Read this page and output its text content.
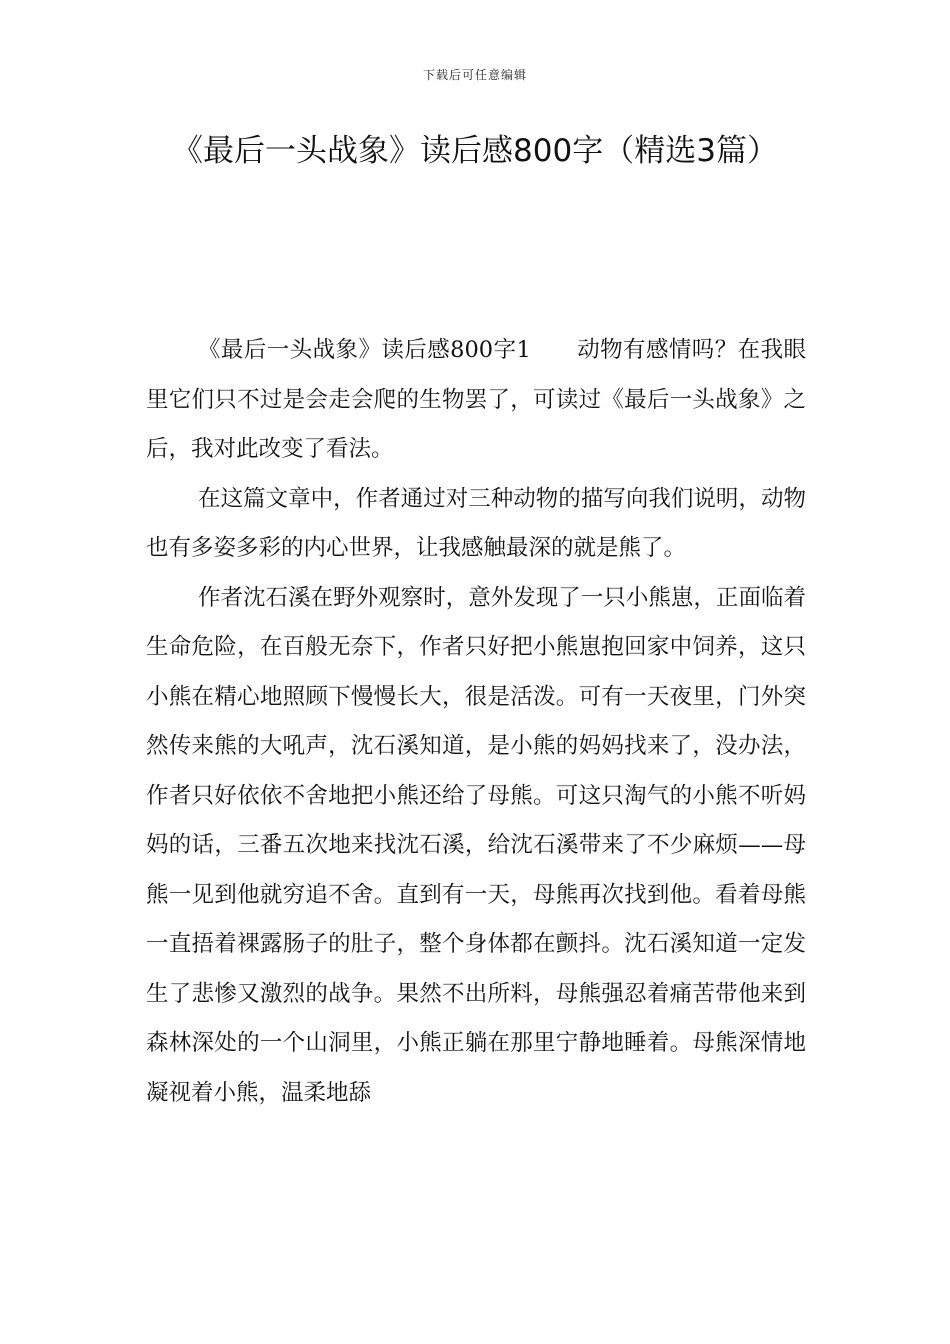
下载后可任意编辑
《最后一头战象》读后感800字（精选3篇）

《最后一头战象》读后感800字1 动物有感情吗？在我眼里它们只不过是会走会爬的生物罢了，可读过《最后一头战象》之后，我对此改变了看法。

在这篇文章中，作者通过对三种动物的描写向我们说明，动物也有多姿多彩的内心世界，让我感触最深的就是熊了。

作者沈石溪在野外观察时，意外发现了一只小熊崽，正面临着生命危险，在百般无奈下，作者只好把小熊崽抱回家中饲养，这只小熊在精心地照顾下慢慢长大，很是活泼。可有一天夜里，门外突然传来熊的大吼声，沈石溪知道，是小熊的妈妈找来了，没办法，作者只好依依不舍地把小熊还给了母熊。可这只淘气的小熊不听妈妈的话，三番五次地来找沈石溪，给沈石溪带来了不少麻烦——母熊一见到他就穷追不舍。直到有一天，母熊再次找到他。看着母熊一直捂着裸露肠子的肚子，整个身体都在颤抖。沈石溪知道一定发生了悲惨又激烈的战争。果然不出所料，母熊强忍着痛苦带他来到森林深处的一个山洞里，小熊正躺在那里宁静地睡着。母熊深情地凝视着小熊，温柔地舔
